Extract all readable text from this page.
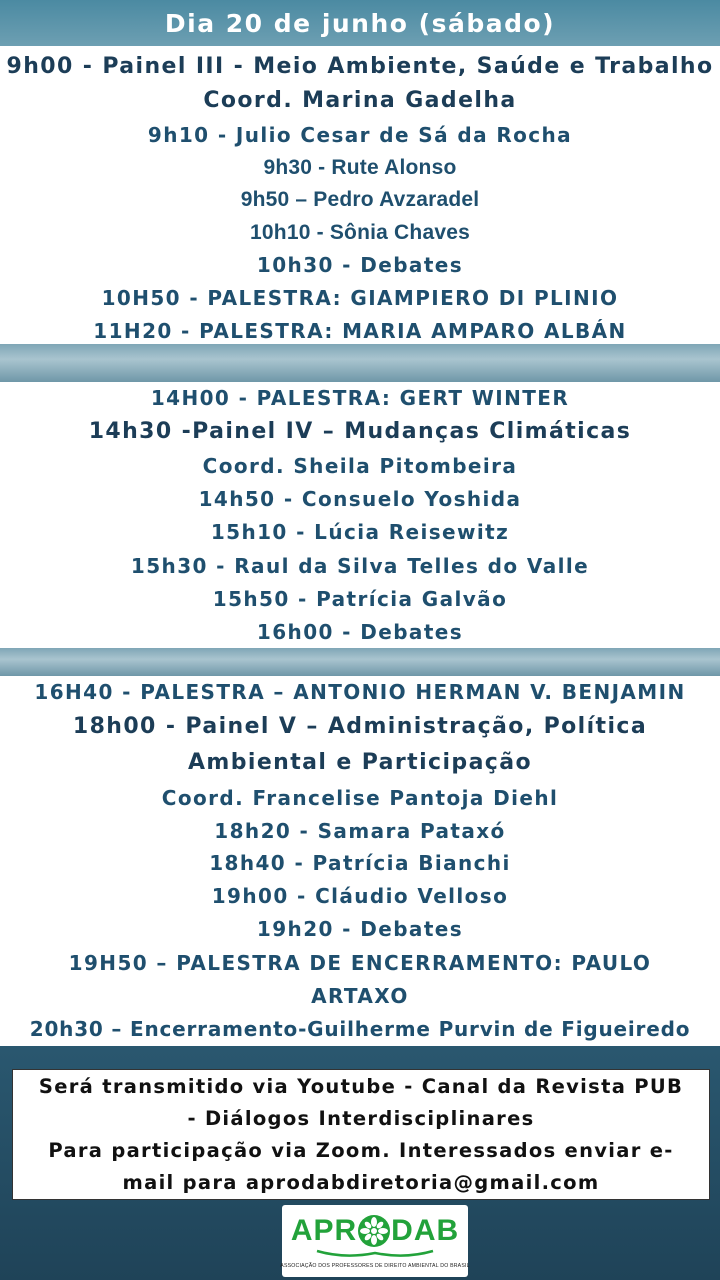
Dia 20 de junho (sábado)
9h00 - Painel III - Meio Ambiente, Saúde e Trabalho
Coord. Marina Gadelha
9h10 - Julio Cesar de Sá da Rocha
9h30 - Rute Alonso
9h50 – Pedro Avzaradel
10h10 - Sônia Chaves
10h30 - Debates
10H50 - PALESTRA: GIAMPIERO DI PLINIO
11H20 - PALESTRA: MARIA AMPARO ALBÁN
14H00 - PALESTRA: GERT WINTER
14h30 -Painel IV – Mudanças Climáticas
Coord. Sheila Pitombeira
14h50 - Consuelo Yoshida
15h10 - Lúcia Reisewitz
15h30 - Raul da Silva Telles do Valle
15h50 - Patrícia Galvão
16h00 - Debates
16H40 - PALESTRA – ANTONIO HERMAN V. BENJAMIN
18h00 - Painel V – Administração, Política
Ambiental e Participação
Coord. Francelise Pantoja Diehl
18h20 - Samara Pataxó
18h40 - Patrícia Bianchi
19h00 - Cláudio Velloso
19h20 - Debates
19H50 – PALESTRA DE ENCERRAMENTO: PAULO
ARTAXO
20h30 – Encerramento-Guilherme Purvin de Figueiredo
Será transmitido via Youtube - Canal da Revista PUB
- Diálogos Interdisciplinares
Para participação via Zoom. Interessados enviar e-
mail para aprodabdiretoria@gmail.com
APR DAB
ASSOCIAÇÃO DOS PROFESSORES DE DIREITO AMBIENTAL DO BRASIL
